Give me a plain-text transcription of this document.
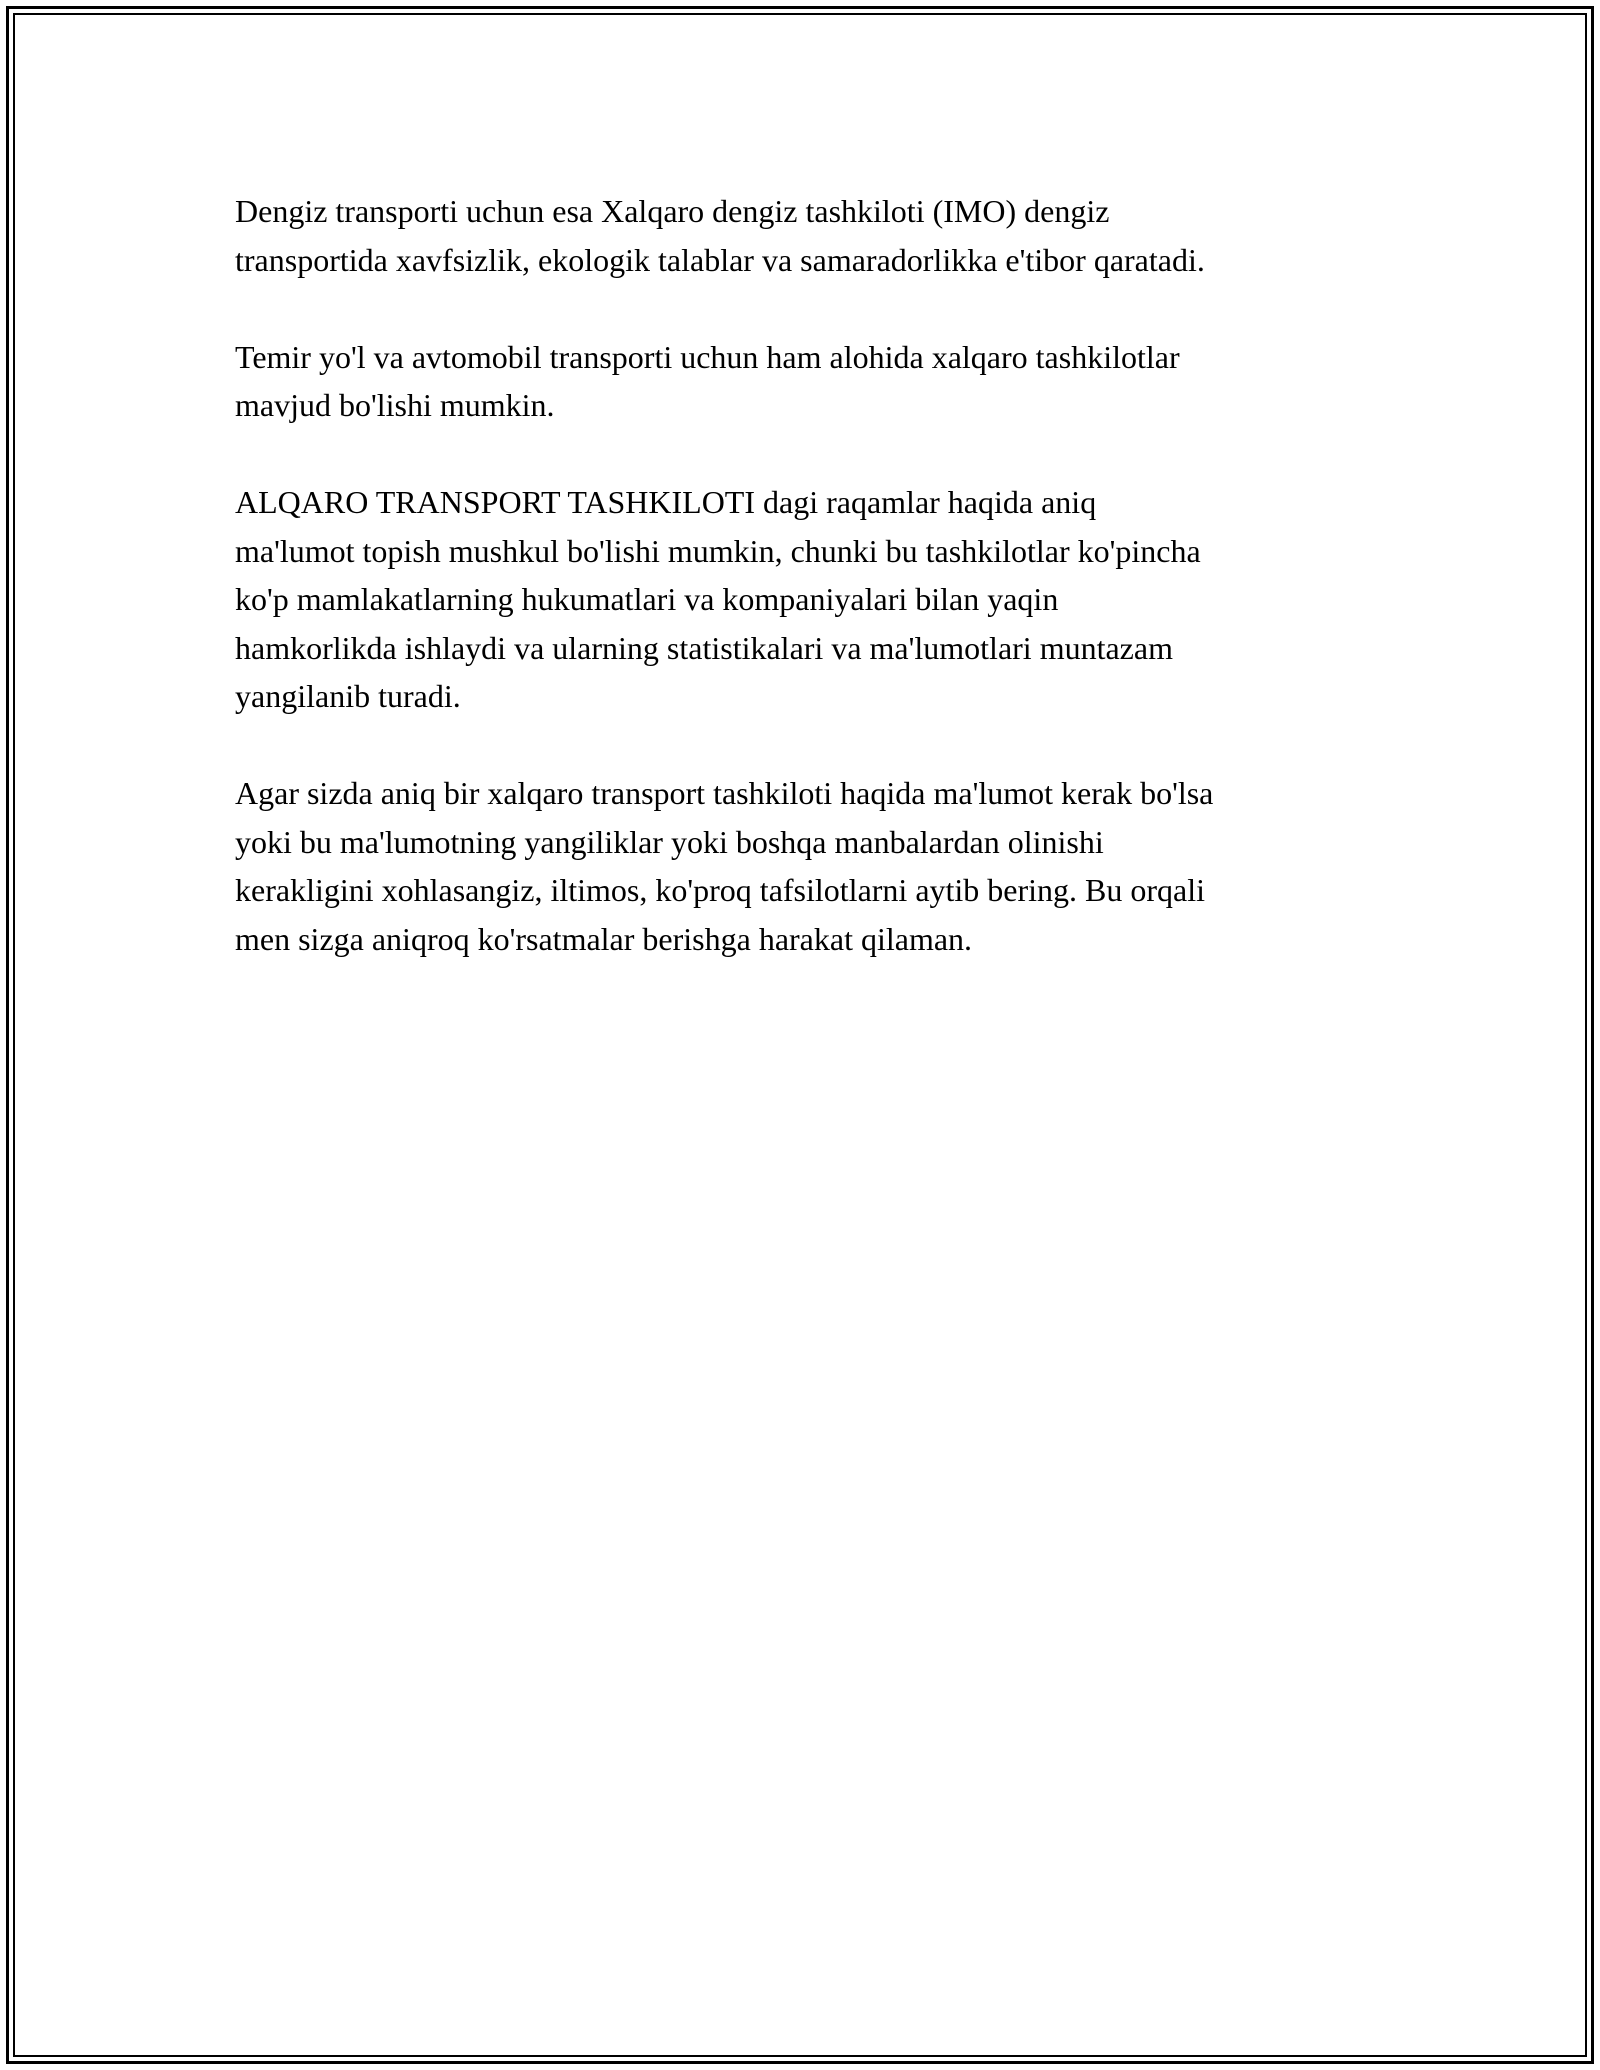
Dengiz transporti uchun esa Xalqaro dengiz tashkiloti (IMO) dengiz
transportida xavfsizlik, ekologik talablar va samaradorlikka e'tibor qaratadi.

Temir yo'l va avtomobil transporti uchun ham alohida xalqaro tashkilotlar
mavjud bo'lishi mumkin.

ALQARO TRANSPORT TASHKILOTI dagi raqamlar haqida aniq
ma'lumot topish mushkul bo'lishi mumkin, chunki bu tashkilotlar ko'pincha
ko'p mamlakatlarning hukumatlari va kompaniyalari bilan yaqin
hamkorlikda ishlaydi va ularning statistikalari va ma'lumotlari muntazam
yangilanib turadi.

Agar sizda aniq bir xalqaro transport tashkiloti haqida ma'lumot kerak bo'lsa
yoki bu ma'lumotning yangiliklar yoki boshqa manbalardan olinishi
kerakligini xohlasangiz, iltimos, ko'proq tafsilotlarni aytib bering. Bu orqali
men sizga aniqroq ko'rsatmalar berishga harakat qilaman.
